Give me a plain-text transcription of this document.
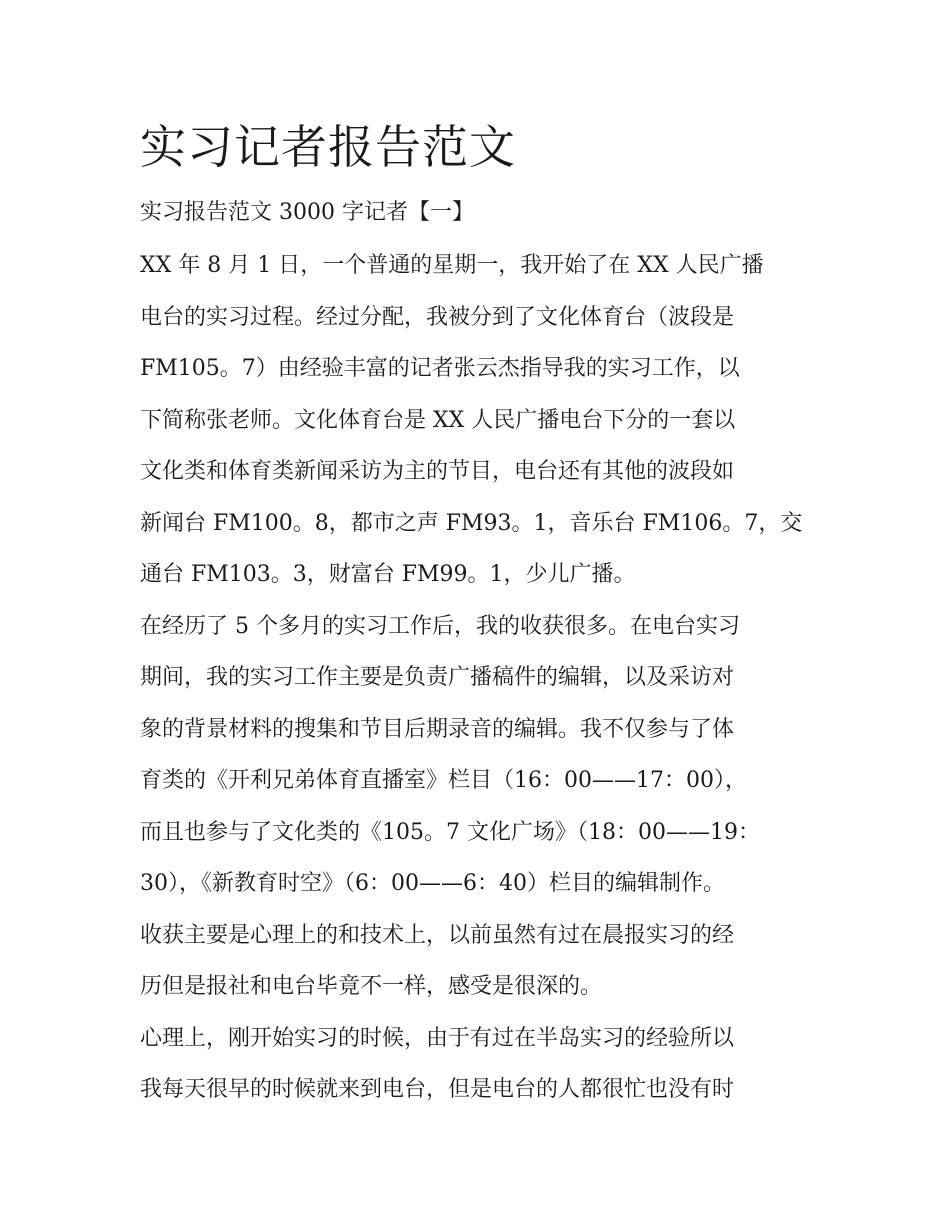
实习记者报告范文
实习报告范文 3000 字记者【一】

XX 年 8 月 1 日，一个普通的星期一，我开始了在 XX 人民广播
电台的实习过程。经过分配，我被分到了文化体育台（波段是
FM105。7）由经验丰富的记者张云杰指导我的实习工作，以
下简称张老师。文化体育台是 XX 人民广播电台下分的一套以
文化类和体育类新闻采访为主的节目，电台还有其他的波段如
新闻台 FM100。8，都市之声 FM93。1，音乐台 FM106。7，交
通台 FM103。3，财富台 FM99。1，少儿广播。

在经历了 5 个多月的实习工作后，我的收获很多。在电台实习
期间，我的实习工作主要是负责广播稿件的编辑，以及采访对
象的背景材料的搜集和节目后期录音的编辑。我不仅参与了体
育类的《开利兄弟体育直播室》栏目（16：00——17：00），
而且也参与了文化类的《105。7 文化广场》（18：00——19：
30），《新教育时空》（6：00——6：40）栏目的编辑制作。

收获主要是心理上的和技术上，以前虽然有过在晨报实习的经
历但是报社和电台毕竟不一样，感受是很深的。

心理上，刚开始实习的时候，由于有过在半岛实习的经验所以
我每天很早的时候就来到电台，但是电台的人都很忙也没有时
